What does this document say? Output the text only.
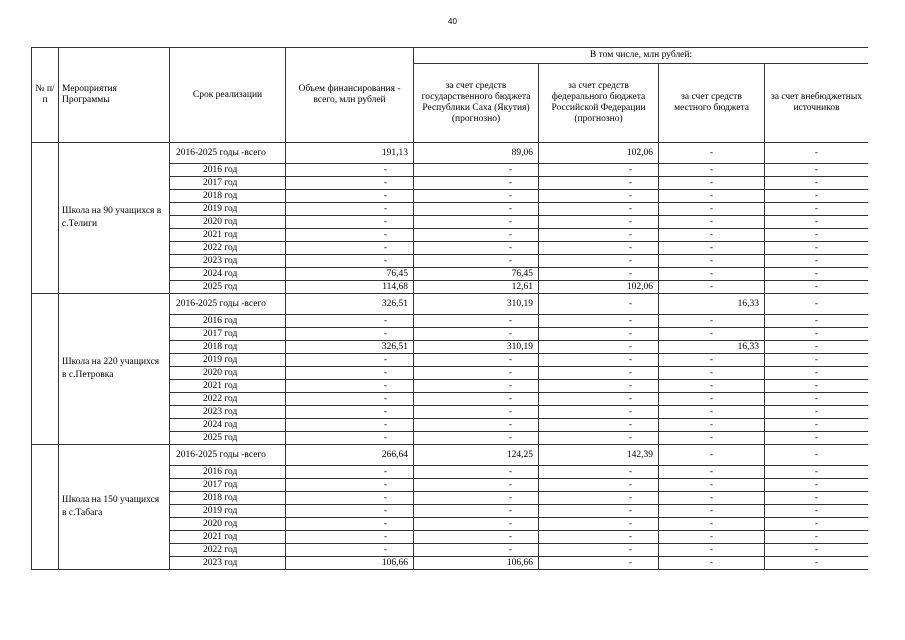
40
№ п/п	Мероприятия Программы	Срок реализации	Объем финансирования - всего, млн рублей	В том числе, млн рублей:			
				за счет средств государственного бюджета Республики Саха (Якутия) (прогнозно)	за счет средств федерального бюджета Российской Федерации (прогнозно)	за счет средств местного бюджета	за счет внебюджетных источников
	Школа на 90 учащихся в с.Телиги	2016-2025 годы -всего	191,13	89,06	102,06	-	-
		2016 год	-	-	-	-	-
		2017 год	-	-	-	-	-
		2018 год	-	-	-	-	-
		2019 год	-	-	-	-	-
		2020 год	-	-	-	-	-
		2021 год	-	-	-	-	-
		2022 год	-	-	-	-	-
		2023 год	-	-	-	-	-
		2024 год	76,45	76,45	-	-	-
		2025 год	114,68	12,61	102,06	-	-
	Школа на 220 учащихся в с.Петровка	2016-2025 годы -всего	326,51	310,19	-	16,33	-
		2016 год	-	-	-	-	-
		2017 год	-	-	-	-	-
		2018 год	326,51	310,19	-	16,33	-
		2019 год	-	-	-	-	-
		2020 год	-	-	-	-	-
		2021 год	-	-	-	-	-
		2022 год	-	-	-	-	-
		2023 год	-	-	-	-	-
		2024 год	-	-	-	-	-
		2025 год	-	-	-	-	-
	Школа на 150 учащихся в с.Табага	2016-2025 годы -всего	266,64	124,25	142,39	-	-
		2016 год	-	-	-	-	-
		2017 год	-	-	-	-	-
		2018 год	-	-	-	-	-
		2019 год	-	-	-	-	-
		2020 год	-	-	-	-	-
		2021 год	-	-	-	-	-
		2022 год	-	-	-	-	-
		2023 год	106,66	106,66	-	-	-
